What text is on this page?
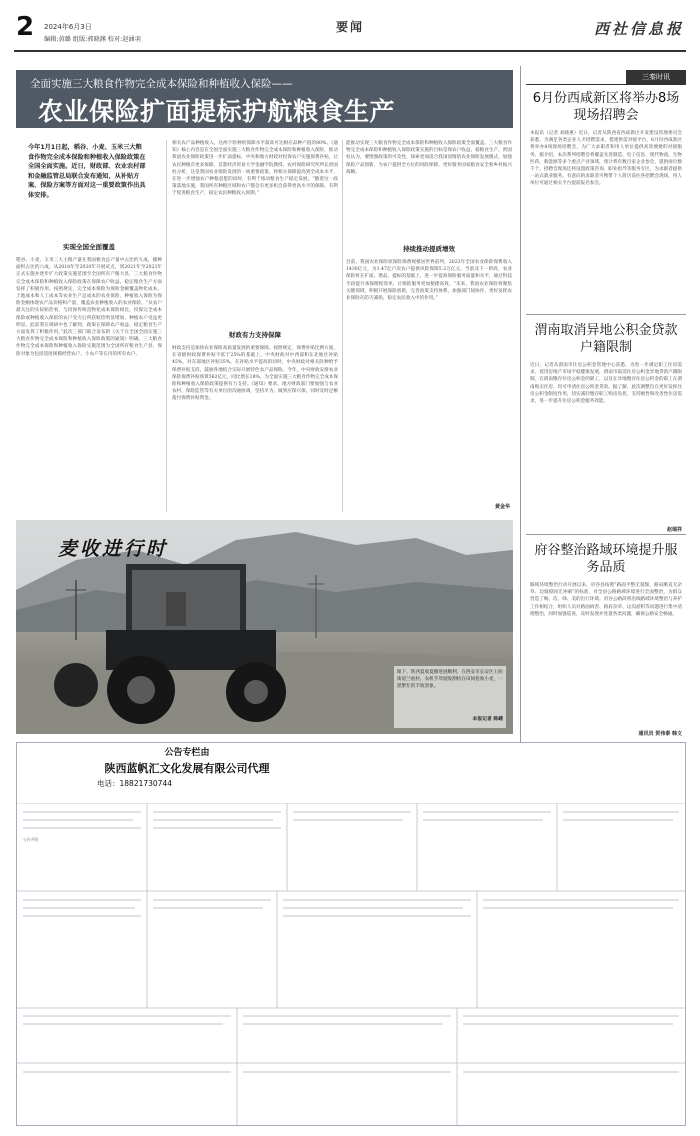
2 2024年6月3日
编辑:黄璐 组版:郭晓渊 校对:赵涵羽
要闻	西社信息报
全面实施三大粮食作物完全成本保险和种植收入保险——
农业保险扩面提标护航粮食生产

今年1月1日起，稻谷、小麦、玉米三大粮食作物完全成本保险和种植收入保险政策在全国全面实施。近日，财政部、农业农村部和金融监管总局联合发布通知，从补贴方案、保险方案等方面对这一重要政策作出具体安排。

实现全国全面覆盖

稻谷、小麦、玉米三大主粮产量在我国粮食总产量中占比约九成，播种面积占比约六成。从2018年至2020年开展试点，到2021年至2023年正式实施并逐步扩大政策实施范围至全国所有产粮大县，三大粮食作物完全成本保险和种植收入保险政策在保障农户收益、稳定粮食生产方面发挥了积极作用。按照规定，完全成本保险为保险金额覆盖物化成本、土地成本和人工成本等农业生产总成本的农业保险，种植收入保险为保险金额体现农产品价格和产量，覆盖农业种植收入的农业保险。“从农户最关注的实际赔偿看，与投保传统直物化成本保险相比，投保完全成本保险或种植收入保险的农户受灾后所获赔偿明显增加，种植农户受益更明显。此前我在调研中也了解到，政策在保障农户收益、稳定粮食生产方面发挥了积极作用。”此次三部门联合发布的《关于在全国全面实施三大粮食作物完全成本保险和种植收入保险政策的通知》明确，三大粮食作物完全成本保险和种植收入保险实施范围为全国所有粮食生产县，保险对象为包括适度规模经营农户、小农户等在内的所有农户。

相关农产品种植收入，这两个险种的保障水平最高可达相应品种产值的80%。《通知》核心内容是在全国全面实施三大粮食作物完全成本保险和种植收入保险，推动我国农业保险政策进一步扩面提标，中央和地方财政对投保农户实施保费补贴，让农民种粮有更多保障。首都经济贸易大学金融学院教授、农村保险研究所所长庹国柱分析，这是我国农业保险发展的一项重要政策，将相关保障提高到全成本水平，在进一步增强农户种粮意愿的同时，有利于推动粮食生产稳定发展。“随着这一政策落地实施，我国所有种粮区域和农户都会有更多机会获得更高水平的保障，有利于促进粮食生产，稳定农民种粮收入预期。”

财政有力支持保障

财政支持是加快农业保险高质量发展的重要保障。按照规定，保费补贴比例方面，在省级财政保费补贴不低于25%的基础上，中央财政对中西部和东北地区补贴45%，对东部地区补贴35%。在补贴水平提高的同时，中央财政对相关险种给予保费补贴支持，鼓励各地结合实际开展特色农产品保险。今年，中央财政安排农业保险保费补贴预算562亿元，同比增长18%，为全面实施三大粮食作物完全成本保险和种植收入保险政策提供有力支持。《通知》要求，地方财政部门要加强与农业农村、保险监管等有关单位的沟通协调，坚持早为、做到应保尽保，同时及时足额拨付保费补贴资金。

能推动实现三大粮食作物完全成本保险和种植收入保险政策全面覆盖。三大粮食作物完全成本保险和种植收入保险政策实施的目标是保农户收益、稳粮食生产。庹国柱认为，要增强政策的可及性，探索更加适合我国国情的农业保险发展模式，加强保险产品创新，为农户提供全方位的风险保障，更好服务国家粮食安全和乡村振兴战略。

持续推动提质增效

目前，我国农业保险原保险保费规模居世界前列，2023年全国农业保险保费收入1430亿元，为1.47亿户次农户提供风险保障5.2万亿元。当前及下一阶段，农业保险将在扩面、增品、提标的基础上，进一步提高保险服务质量和水平，通过科技手段提升承保理赔效率，让保险服务更加便捷高效。“未来，我国农业保险将聚焦关键领域，积极开展保险创新，完善政策支持体系，加强部门间协作，更好发挥农业保险在防灾减损、稳定农民收入中的作用。”

黄金华
麦收进行时

眼下，陕西夏收夏播进展顺利，在西安市长安区王曲街道兰池村，农机手驾驶收割机在田间抢收小麦，一派繁忙的丰收景象。

本报记者 陈嵘
三秦时讯
6月份西咸新区将举办8场现场招聘会

本报讯（记者 刘晓惠）近日，记者从陕西省西咸新区开发建设管理委员会获悉，为满足各类企业人才招聘需求，搭建供需对接平台，6月份西咸新区将举办8场现场招聘会，为广大求职者和用人单位提供高效便捷的对接服务。据介绍，本次系列招聘会将覆盖先进制造、电子信息、现代物流、生物医药、新能源等多个重点产业领域，预计将有数百家企业参会，提供岗位数千个。招聘会现场还将设置政策咨询、职业指导等服务专区，为求职者提供一站式就业服务。有意向的求职者可携带个人简历前往各招聘会现场，用人单位可通过相关平台提前报名参会。

渭南取消异地公积金贷款户籍限制

近日，记者从渭南市住房公积金管理中心获悉，为进一步满足职工住房需求，促进房地产市场平稳健康发展，渭南市取消住房公积金异地贷款户籍限制，在渭南缴存住房公积金的职工，以及在异地缴存住房公积金的职工在渭南购买住房，均可申请住房公积金贷款。据了解，此次调整旨在更好发挥住房公积金制度作用，切实减轻缴存职工购房负担，支持刚性和改善性住房需求，进一步提升住房公积金服务效能。

赵瑞祥
府谷整治路域环境提升服务品质

路域环境整治行动开展以来，府谷县按照“路面平整无裂缝、路肩顺直无杂草、边坡稳固无冲刷”的标准，对全县公路路域环境进行全面整治，为群众营造了畅、洁、绿、美的出行环境。府谷公路段将沿线路域环境整治与养护工作相结合，组织人员对路面病害、路肩杂草、边沟淤积等问题进行集中清理整治，同时加强巡查，及时发现并处置各类问题，确保公路安全畅通。

通讯员 贺伟泰 韩文
公告专栏由
陕西蓝帆汇文化发展有限公司代理
电话：18821730744
公告声明
